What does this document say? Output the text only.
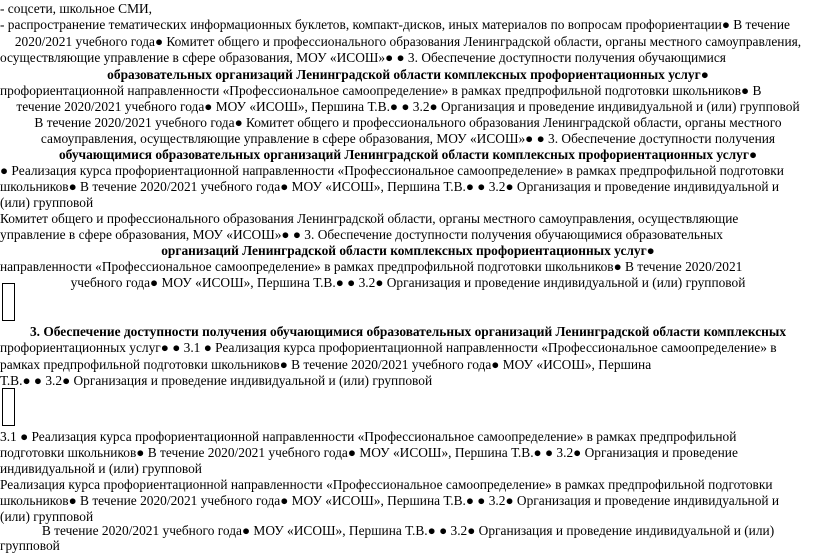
- соцсети, школьное СМИ,
- распространение тематических информационных буклетов, компакт-дисков, иных материалов по вопросам профориентации● В течение
2020/2021 учебного года● Комитет общего и профессионального образования Ленинградской области, органы местного самоуправления,
осуществляющие управление в сфере образования, МОУ «ИСОШ»● ● 3. Обеспечение доступности получения обучающимися
образовательных организаций Ленинградской области комплексных профориентационных услуг●
профориентационной направленности «Профессиональное самоопределение» в рамках предпрофильной подготовки школьников● В
течение 2020/2021 учебного года● МОУ «ИСОШ», Першина Т.В.● ● 3.2● Организация и проведение индивидуальной и (или) групповой
В течение 2020/2021 учебного года● Комитет общего и профессионального образования Ленинградской области, органы местного
самоуправления, осуществляющие управление в сфере образования, МОУ «ИСОШ»● ● 3. Обеспечение доступности получения
обучающимися образовательных организаций Ленинградской области комплексных профориентационных услуг●
● Реализация курса профориентационной направленности «Профессиональное самоопределение» в рамках предпрофильной подготовки
школьников● В течение 2020/2021 учебного года● МОУ «ИСОШ», Першина Т.В.● ● 3.2● Организация и проведение индивидуальной и
(или) групповой
Комитет общего и профессионального образования Ленинградской области, органы местного самоуправления, осуществляющие
управление в сфере образования, МОУ «ИСОШ»● ● 3. Обеспечение доступности получения обучающимися образовательных
организаций Ленинградской области комплексных профориентационных услуг●
направленности «Профессиональное самоопределение» в рамках предпрофильной подготовки школьников● В течение 2020/2021
учебного года● МОУ «ИСОШ», Першина Т.В.● ● 3.2● Организация и проведение индивидуальной и (или) групповой
3. Обеспечение доступности получения обучающимися образовательных организаций Ленинградской области комплексных
профориентационных услуг● ● 3.1 ● Реализация курса профориентационной направленности «Профессиональное самоопределение» в
рамках предпрофильной подготовки школьников● В течение 2020/2021 учебного года● МОУ «ИСОШ», Першина
Т.В.● ● 3.2● Организация и проведение индивидуальной и (или) групповой
3.1 ● Реализация курса профориентационной направленности «Профессиональное самоопределение» в рамках предпрофильной
подготовки школьников● В течение 2020/2021 учебного года● МОУ «ИСОШ», Першина Т.В.● ● 3.2● Организация и проведение
индивидуальной и (или) групповой
Реализация курса профориентационной направленности «Профессиональное самоопределение» в рамках предпрофильной подготовки
школьников● В течение 2020/2021 учебного года● МОУ «ИСОШ», Першина Т.В.● ● 3.2● Организация и проведение индивидуальной и
(или) групповой
В течение 2020/2021 учебного года● МОУ «ИСОШ», Першина Т.В.● ● 3.2● Организация и проведение индивидуальной и (или)
групповой
